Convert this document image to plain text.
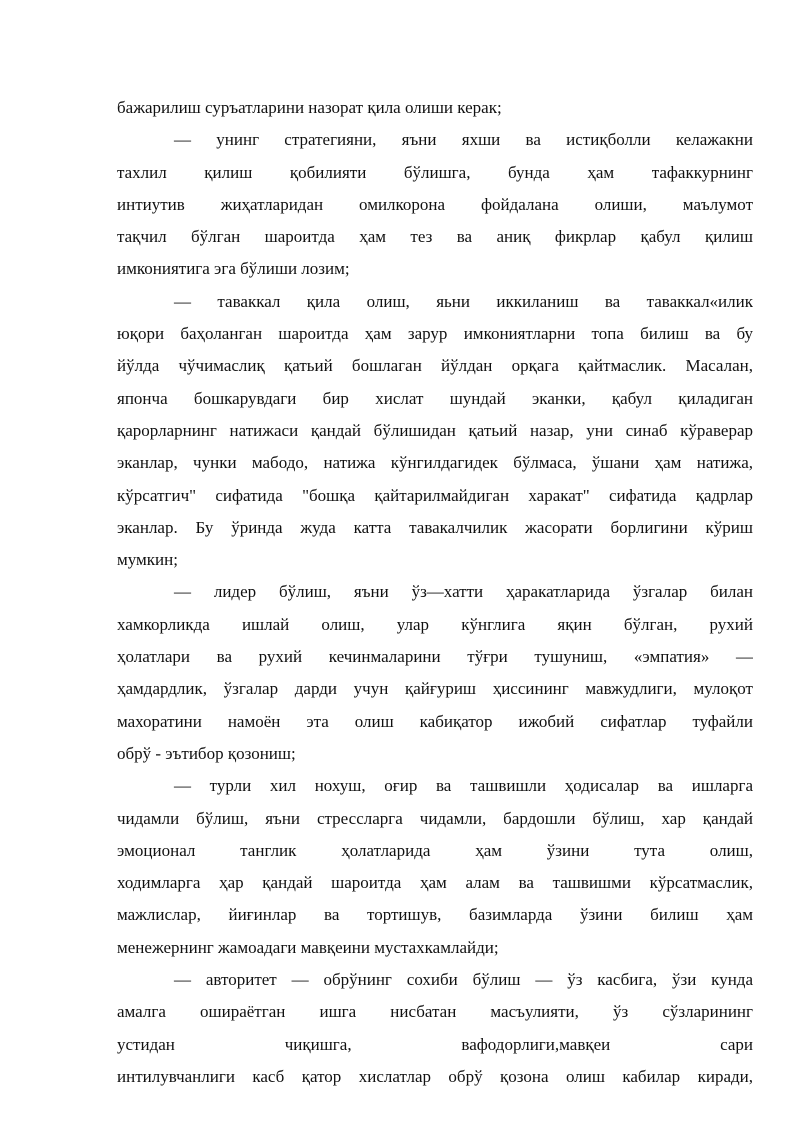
бажарилиш суръатларини назорат қила олиши керак;
— унинг стратегияни, яъни яхши ва истиқболли келажакни
тахлил қилиш қобилияти бўлишга, бунда ҳам тафаккурнинг
интиутив жиҳатларидан омилкорона фойдалана олиши, маълумот
тақчил бўлган шароитда ҳам тез ва аниқ фикрлар қабул қилиш
имкониятига эга бўлиши лозим;
— таваккал қила олиш, яьни иккиланиш ва таваккал«илик
юқори баҳоланган шароитда ҳам зарур имкониятларни топа билиш ва бу
йўлда чўчимаслиқ қатьий бошлаган йўлдан орқага қайтмаслик. Масалан,
японча бошкарувдаги бир хислат шундай эканки, қабул қиладиган
қарорларнинг натижаси қандай бўлишидан қатьий назар, уни синаб кўраверар
эканлар, чунки мабодо, натижа кўнгилдагидек бўлмаса, ўшани ҳам натижа,
кўрсатгич" сифатида "бошқа қайтарилмайдиган харакат" сифатида қадрлар
эканлар. Бу ўринда жуда катта тавакалчилик жасорати борлигини кўриш
мумкин;
— лидер бўлиш, яъни ўз—хатти ҳаракатларида ўзгалар билан
хамкорликда ишлай олиш, улар кўнглига яқин бўлган, рухий
ҳолатлари ва рухий кечинмаларини тўғри тушуниш, «эмпатия» —
ҳамдардлик, ўзгалар дарди учун қайғуриш ҳиссининг мавжудлиги, мулоқот
махоратини намоён эта олиш кабиқатор ижобий сифатлар туфайли
обрў - эътибор қозониш;
— турли хил нохуш, оғир ва ташвишли ҳодисалар ва ишларга
чидамли бўлиш, яъни стрессларга чидамли, бардошли бўлиш, хар қандай
эмоционал танглик ҳолатларида ҳам ўзини тута олиш,
ходимларга ҳар қандай шароитда ҳам алам ва ташвишми кўрсатмаслик,
мажлислар, йиғинлар ва тортишув, базимларда ўзини билиш ҳам
менежернинг жамоадаги мавқеини мустахкамлайди;
— авторитет — обрўнинг сохиби бўлиш — ўз касбига, ўзи кунда
амалга ошираётган ишга нисбатан масъулияти, ўз сўзларининг
устидан чиқишга, вафодорлиги,мавқеи сари
интилувчанлиги касб қатор хислатлар обрў қозона олиш кабилар киради,
